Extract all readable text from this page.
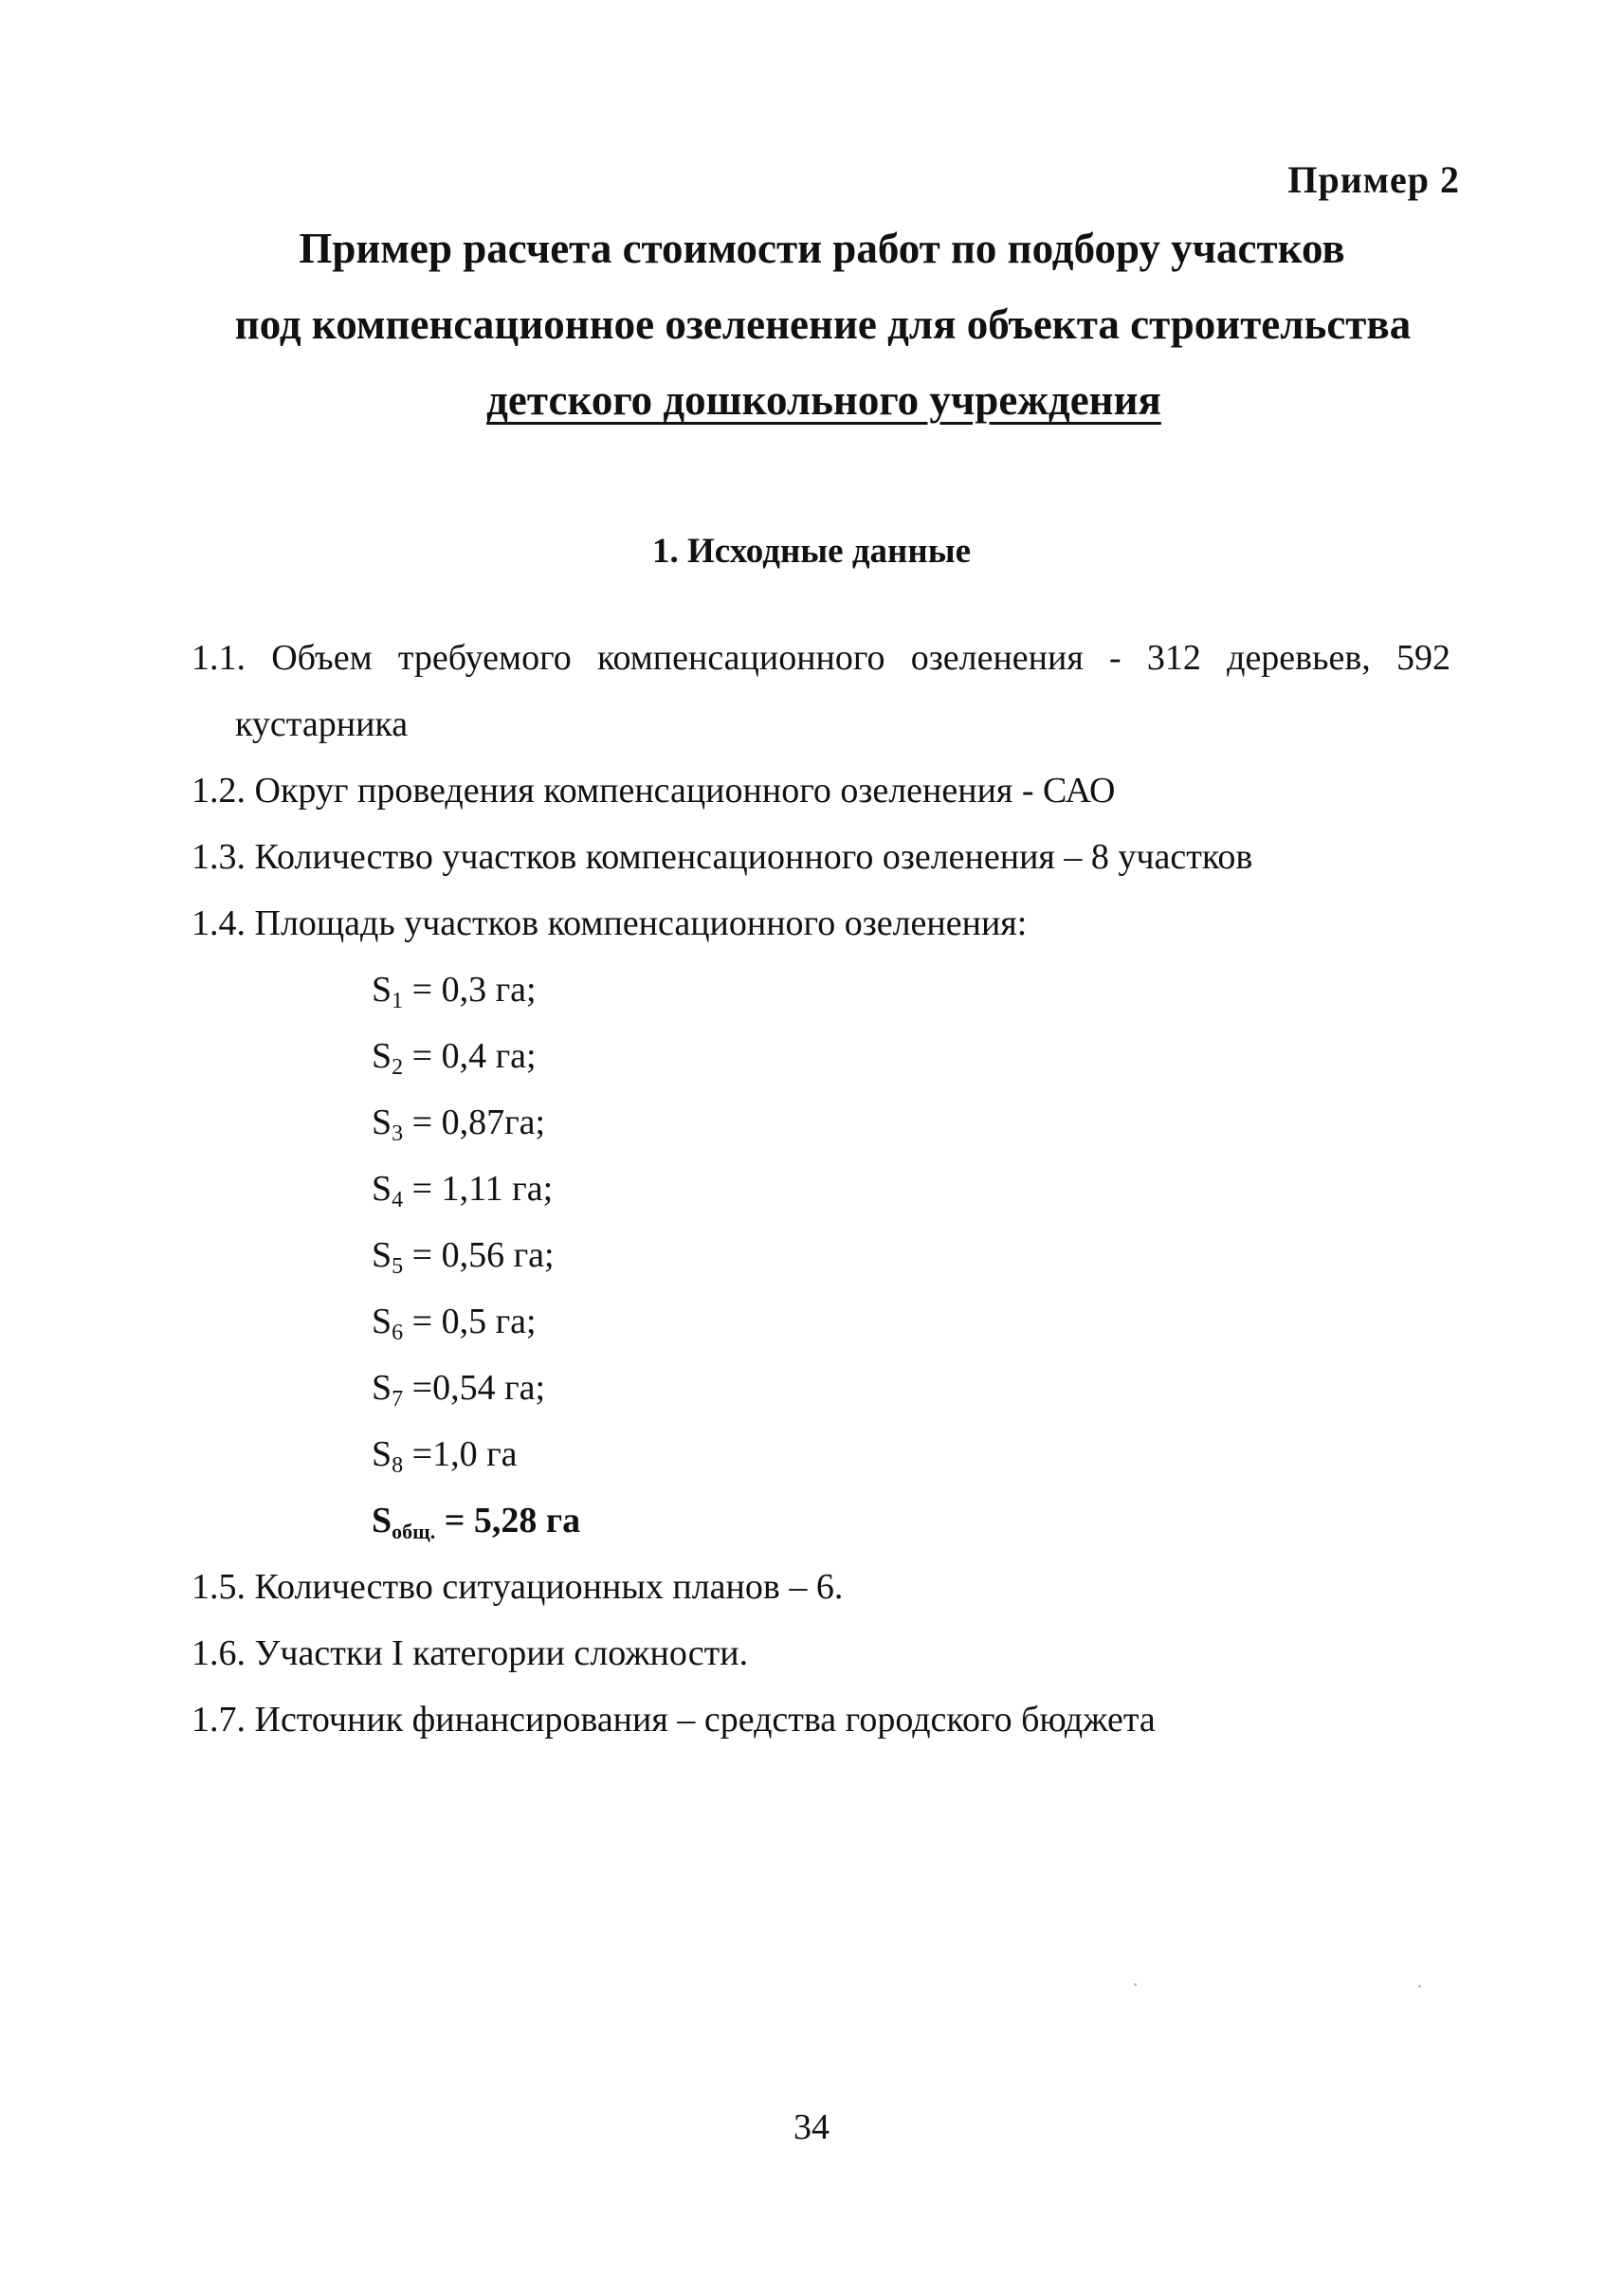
Пример 2
Пример расчета стоимости работ по подбору участков
под компенсационное озеленение для объекта строительства
детского дошкольного учреждения
1. Исходные данные
1.1. Объем требуемого компенсационного озеленения - 312 деревьев, 592
кустарника
1.2. Округ проведения компенсационного озеленения - САО
1.3. Количество участков компенсационного озеленения – 8 участков
1.4. Площадь участков компенсационного озеленения:
$S_1 = 0,3$ га;
$S_2 = 0,4$ га;
$S_3 = 0,87га$;
$S_4 = 1,11$ га;
$S_5 = 0,56$ га;
$S_6 = 0,5$ га;
$S_7 =0,54$ га;
$S_8 =1,0$ га
$S_{общ.} = 5,28$ га
1.5. Количество ситуационных планов – 6.
1.6. Участки I категории сложности.
1.7. Источник финансирования – средства городского бюджета
34
